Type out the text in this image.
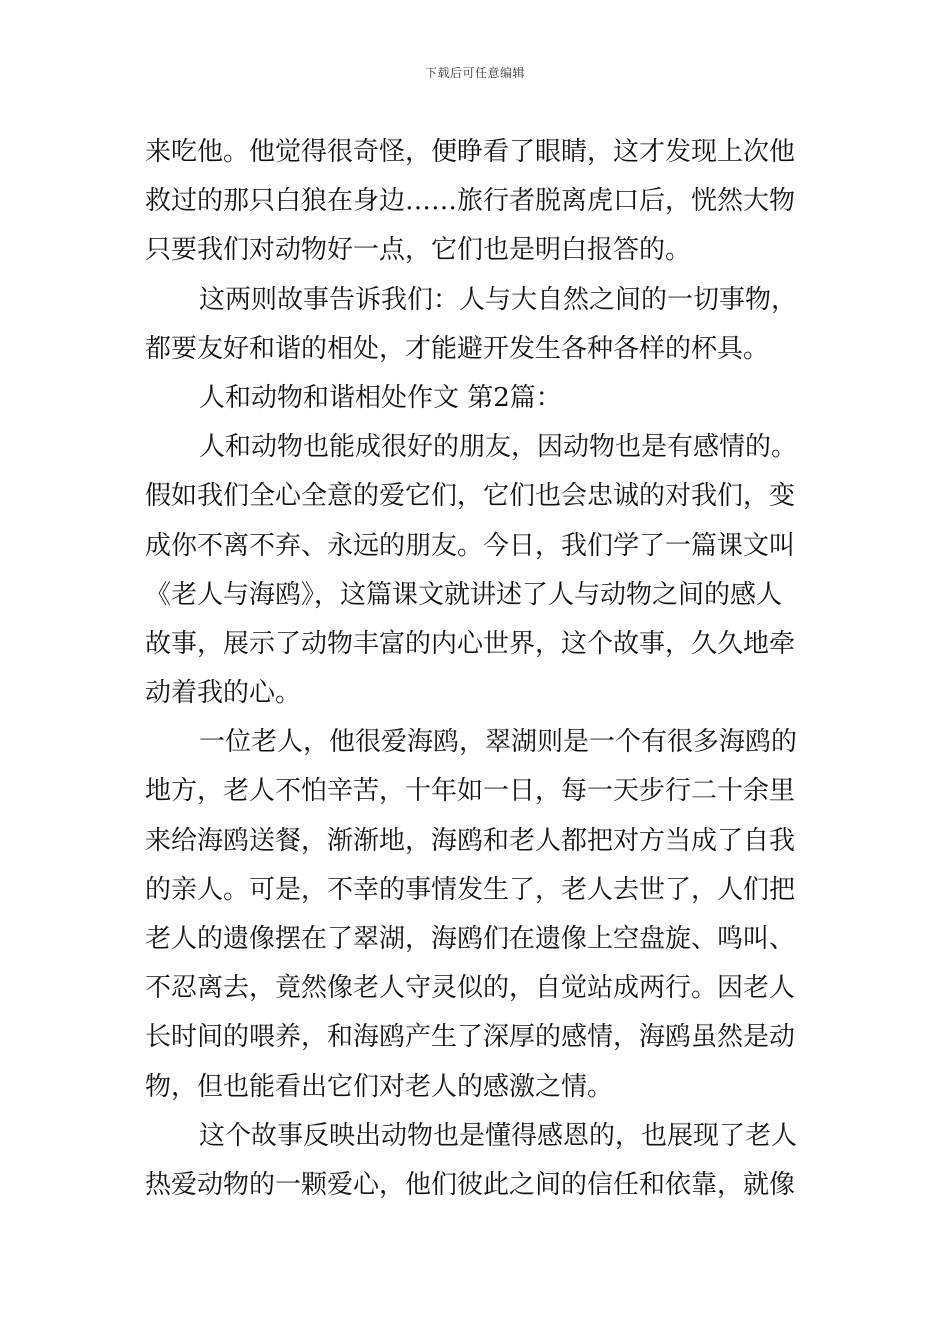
下载后可任意编辑
来吃他。他觉得很奇怪，便睁看了眼睛，这才发现上次他
救过的那只白狼在身边……旅行者脱离虎口后，恍然大物
只要我们对动物好一点，它们也是明白报答的。
这两则故事告诉我们：人与大自然之间的一切事物，
都要友好和谐的相处，才能避开发生各种各样的杯具。
人和动物和谐相处作文 第2篇：
人和动物也能成很好的朋友，因动物也是有感情的。
假如我们全心全意的爱它们，它们也会忠诚的对我们，变
成你不离不弃、永远的朋友。今日，我们学了一篇课文叫
《老人与海鸥》，这篇课文就讲述了人与动物之间的感人
故事，展示了动物丰富的内心世界，这个故事，久久地牵
动着我的心。
一位老人，他很爱海鸥，翠湖则是一个有很多海鸥的
地方，老人不怕辛苦，十年如一日，每一天步行二十余里
来给海鸥送餐，渐渐地，海鸥和老人都把对方当成了自我
的亲人。可是，不幸的事情发生了，老人去世了，人们把
老人的遗像摆在了翠湖，海鸥们在遗像上空盘旋、鸣叫、
不忍离去，竟然像老人守灵似的，自觉站成两行。因老人
长时间的喂养，和海鸥产生了深厚的感情，海鸥虽然是动
物，但也能看出它们对老人的感激之情。
这个故事反映出动物也是懂得感恩的，也展现了老人
热爱动物的一颗爱心，他们彼此之间的信任和依靠，就像
